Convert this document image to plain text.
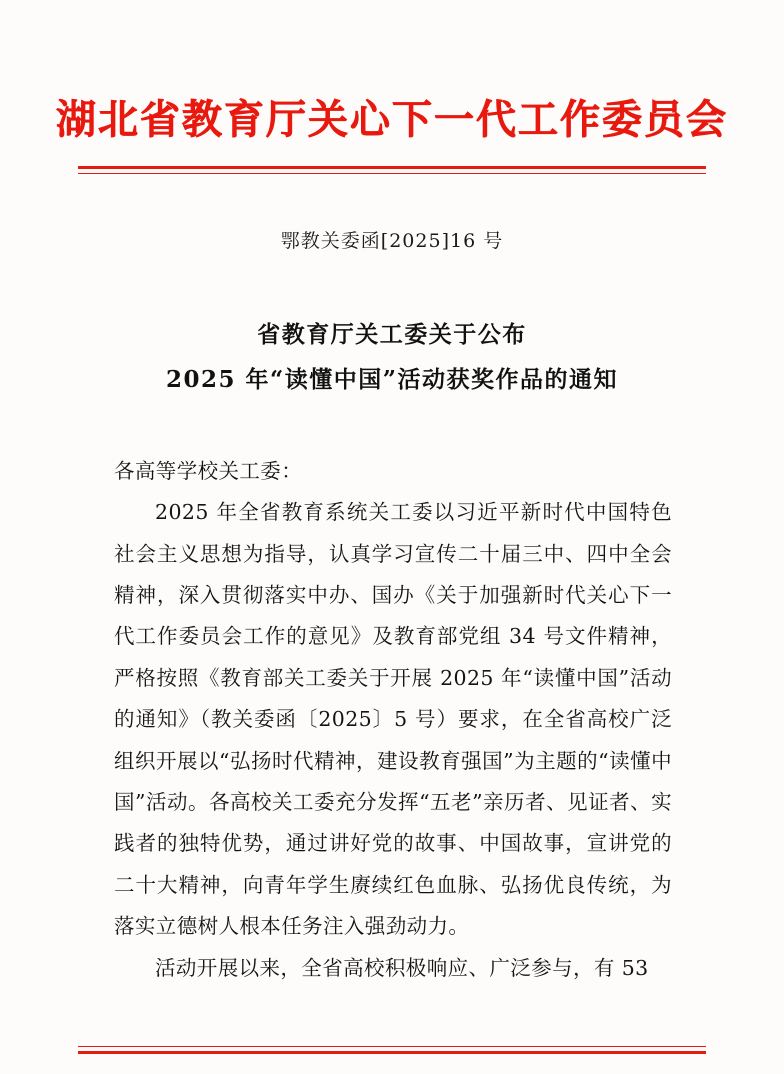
湖北省教育厅关心下一代工作委员会
鄂教关委函[2025]16 号
省教育厅关工委关于公布
2025 年“读懂中国”活动获奖作品的通知
各高等学校关工委：
2025 年全省教育系统关工委以习近平新时代中国特色社会主义思想为指导，认真学习宣传二十届三中、四中全会精神，深入贯彻落实中办、国办《关于加强新时代关心下一代工作委员会工作的意见》及教育部党组 34 号文件精神，严格按照《教育部关工委关于开展 2025 年“读懂中国”活动的通知》（教关委函〔2025〕5 号）要求，在全省高校广泛组织开展以“弘扬时代精神，建设教育强国”为主题的“读懂中国”活动。各高校关工委充分发挥“五老”亲历者、见证者、实践者的独特优势，通过讲好党的故事、中国故事，宣讲党的二十大精神，向青年学生赓续红色血脉、弘扬优良传统，为落实立德树人根本任务注入强劲动力。
活动开展以来，全省高校积极响应、广泛参与，有 53
